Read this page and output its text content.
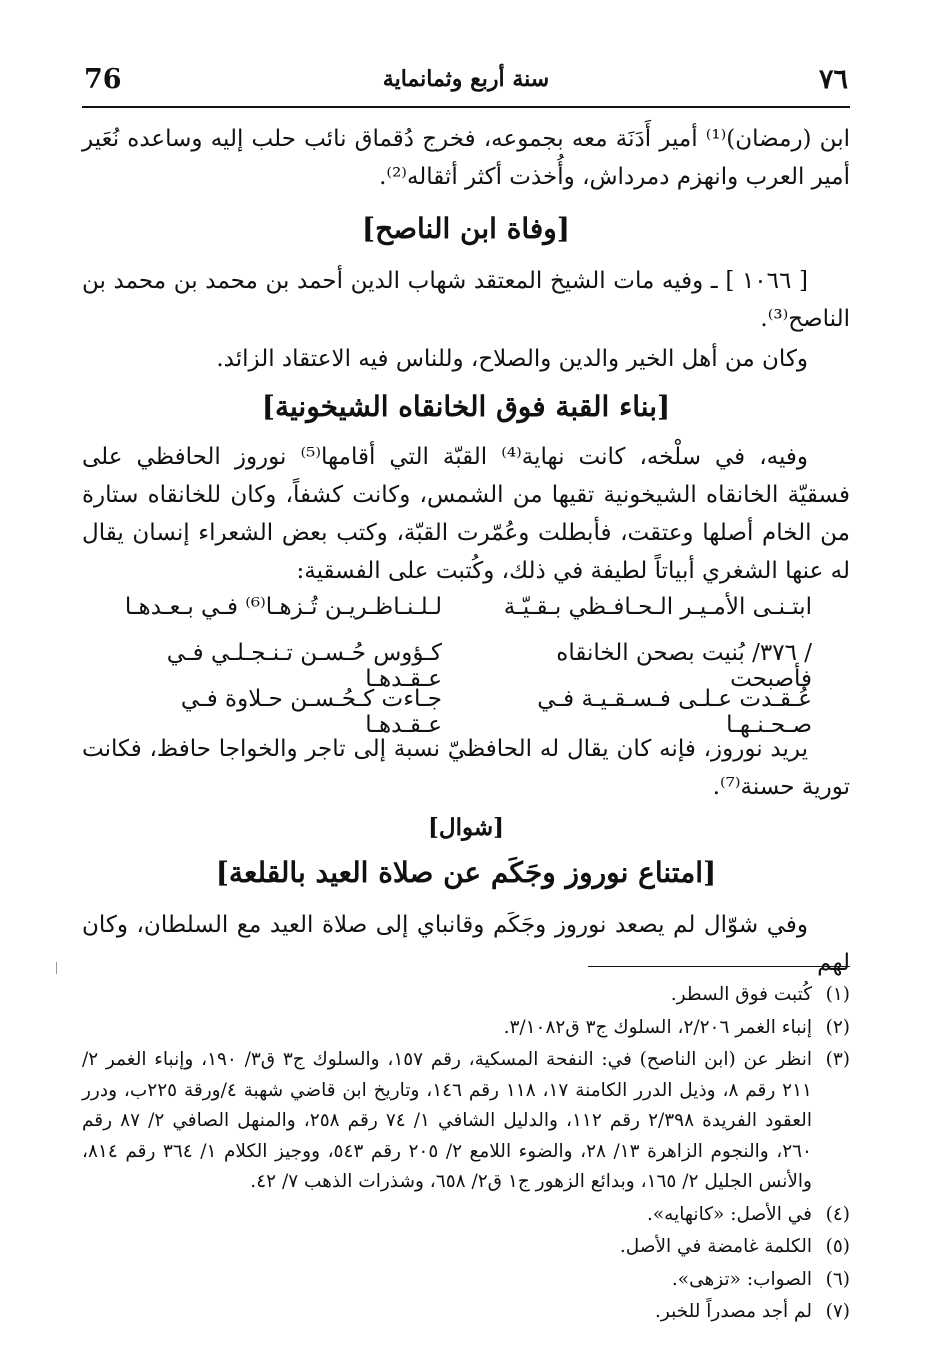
٧٦
سنة أربع وثمانماية
76
ابن (رمضان)⁽¹⁾ أمير أَدَنَة معه بجموعه، فخرج دُقماق نائب حلب إليه وساعده نُعَير أمير العرب وانهزم دمرداش، وأُخذت أكثر أثقاله⁽²⁾.
[وفاة ابن الناصح]
[ ١٠٦٦ ] ـ وفيه مات الشيخ المعتقد شهاب الدين أحمد بن محمد بن محمد بن الناصح⁽³⁾.
وكان من أهل الخير والدين والصلاح، وللناس فيه الاعتقاد الزائد.
[بناء القبة فوق الخانقاه الشيخونية]
وفيه، في سلْخه، كانت نهاية⁽⁴⁾ القبّة التي أقامها⁽⁵⁾ نوروز الحافظي على فسقيّة الخانقاه الشيخونية تقيها من الشمس، وكانت كشفاً، وكان للخانقاه ستارة من الخام أصلها وعتقت، فأبطلت وعُمّرت القبّة، وكتب بعض الشعراء إنسان يقال له عنها الشغري أبياتاً لطيفة في ذلك، وكُتبت على الفسقية:
ابتـنـى الأمـيـر الـحـافـظي بـقـيّـة
لـلـنـاظـريـن تُـزهـا⁽⁶⁾ فـي بـعـدهـا
/ ٣٧٦/ بُنيت بصحن الخانقاه فأصبحت
كـؤوس حُـسـن تـنـجـلـي فـي عـقـدهـا
عُـقـدت عـلـى فـسـقـيـة فـي صـحـنـهـا
جـاءت كـحُـسـن حـلاوة فـي عـقـدهـا
يريد نوروز، فإنه كان يقال له الحافظيّ نسبة إلى تاجر والخواجا حافظ، فكانت تورية حسنة⁽⁷⁾.
[شوال]
[امتناع نوروز وجَكَم عن صلاة العيد بالقلعة]
وفي شوّال لم يصعد نوروز وجَكَم وقانباي إلى صلاة العيد مع السلطان، وكان لهم
(١)
كُتبت فوق السطر.
(٢)
إنباء الغمر ٢/٢٠٦، السلوك ج٣ ق٣/١٠٨٢.
(٣)
انظر عن (ابن الناصح) في: النفحة المسكية، رقم ١٥٧، والسلوك ج٣ ق٣/ ١٩٠، وإنباء الغمر ٢/ ٢١١ رقم ٨، وذيل الدرر الكامنة ١٧، ١١٨ رقم ١٤٦، وتاريخ ابن قاضي شهبة ٤/ورقة ٢٢٥ب، ودرر العقود الفريدة ٢/٣٩٨ رقم ١١٢، والدليل الشافي ١/ ٧٤ رقم ٢٥٨، والمنهل الصافي ٢/ ٨٧ رقم ٢٦٠، والنجوم الزاهرة ١٣/ ٢٨، والضوء اللامع ٢/ ٢٠٥ رقم ٥٤٣، ووجيز الكلام ١/ ٣٦٤ رقم ٨١٤، والأنس الجليل ٢/ ١٦٥، وبدائع الزهور ج١ ق٢/ ٦٥٨، وشذرات الذهب ٧/ ٤٢.
(٤)
في الأصل: «كانهايه».
(٥)
الكلمة غامضة في الأصل.
(٦)
الصواب: «تزهى».
(٧)
لم أجد مصدراً للخبر.
